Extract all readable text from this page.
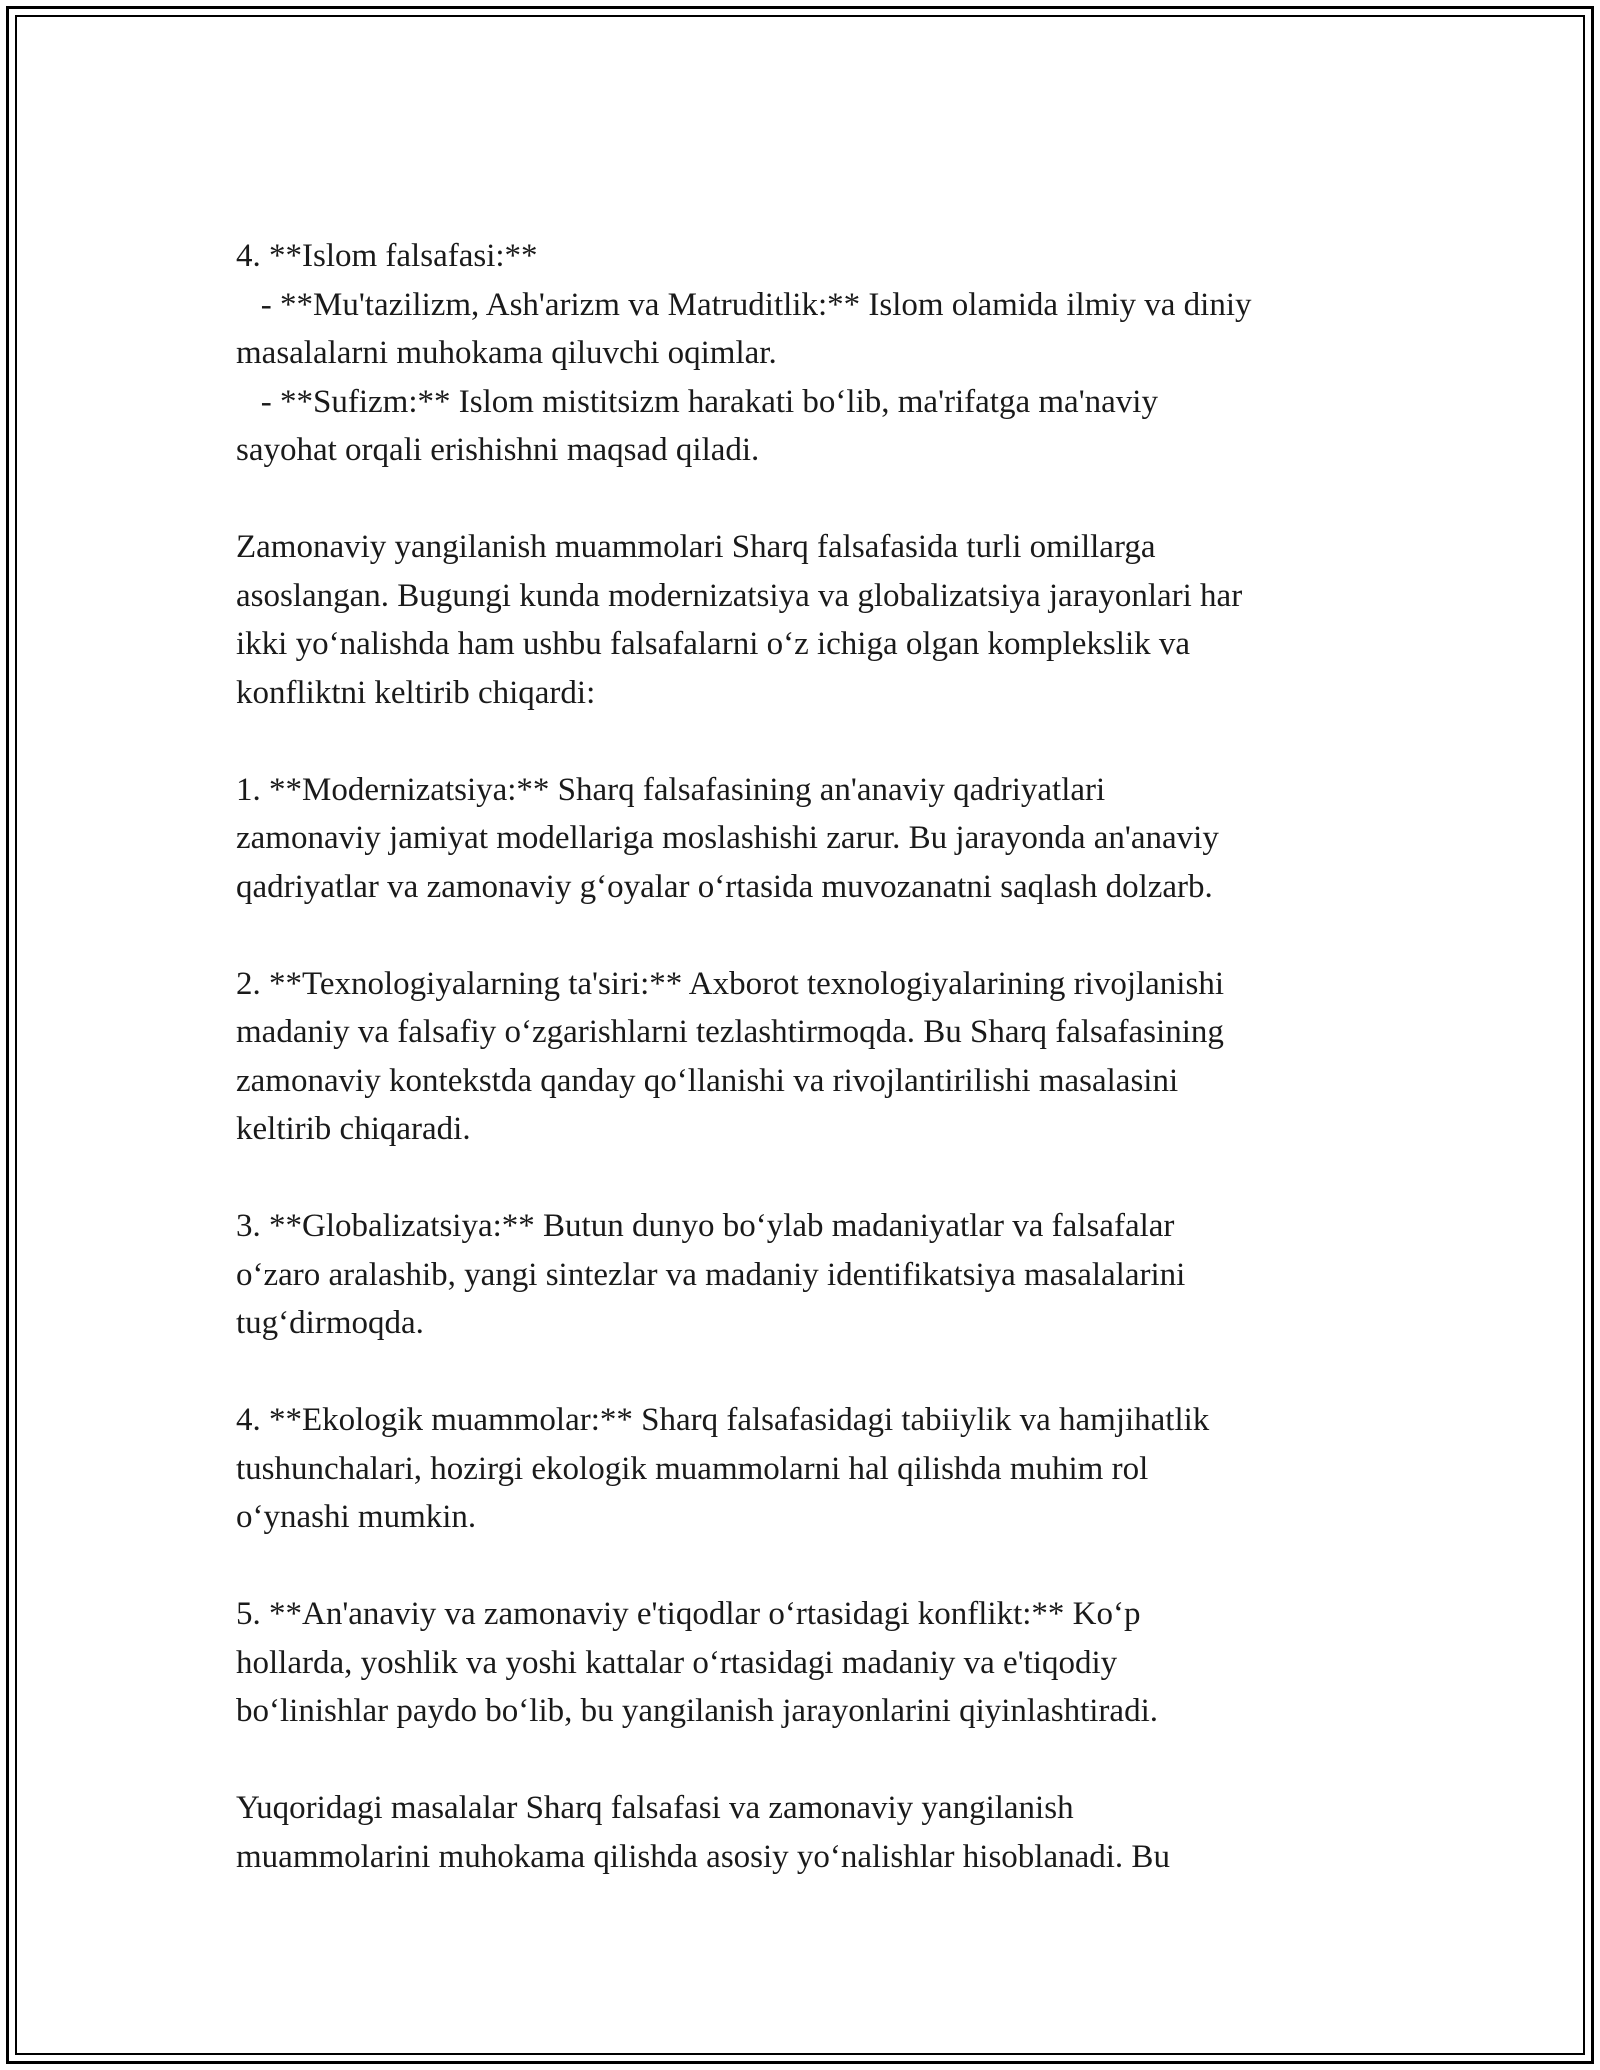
4. **Islom falsafasi:**
- **Mu'tazilizm, Ash'arizm va Matruditlik:** Islom olamida ilmiy va diniy
masalalarni muhokama qiluvchi oqimlar.
- **Sufizm:** Islom mistitsizm harakati bo‘lib, ma'rifatga ma'naviy
sayohat orqali erishishni maqsad qiladi.
Zamonaviy yangilanish muammolari Sharq falsafasida turli omillarga
asoslangan. Bugungi kunda modernizatsiya va globalizatsiya jarayonlari har
ikki yo‘nalishda ham ushbu falsafalarni o‘z ichiga olgan komplekslik va
konfliktni keltirib chiqardi:
1. **Modernizatsiya:** Sharq falsafasining an'anaviy qadriyatlari
zamonaviy jamiyat modellariga moslashishi zarur. Bu jarayonda an'anaviy
qadriyatlar va zamonaviy g‘oyalar o‘rtasida muvozanatni saqlash dolzarb.
2. **Texnologiyalarning ta'siri:** Axborot texnologiyalarining rivojlanishi
madaniy va falsafiy o‘zgarishlarni tezlashtirmoqda. Bu Sharq falsafasining
zamonaviy kontekstda qanday qo‘llanishi va rivojlantirilishi masalasini
keltirib chiqaradi.
3. **Globalizatsiya:** Butun dunyo bo‘ylab madaniyatlar va falsafalar
o‘zaro aralashib, yangi sintezlar va madaniy identifikatsiya masalalarini
tug‘dirmoqda.
4. **Ekologik muammolar:** Sharq falsafasidagi tabiiylik va hamjihatlik
tushunchalari, hozirgi ekologik muammolarni hal qilishda muhim rol
o‘ynashi mumkin.
5. **An'anaviy va zamonaviy e'tiqodlar o‘rtasidagi konflikt:** Ko‘p
hollarda, yoshlik va yoshi kattalar o‘rtasidagi madaniy va e'tiqodiy
bo‘linishlar paydo bo‘lib, bu yangilanish jarayonlarini qiyinlashtiradi.
Yuqoridagi masalalar Sharq falsafasi va zamonaviy yangilanish
muammolarini muhokama qilishda asosiy yo‘nalishlar hisoblanadi. Bu
